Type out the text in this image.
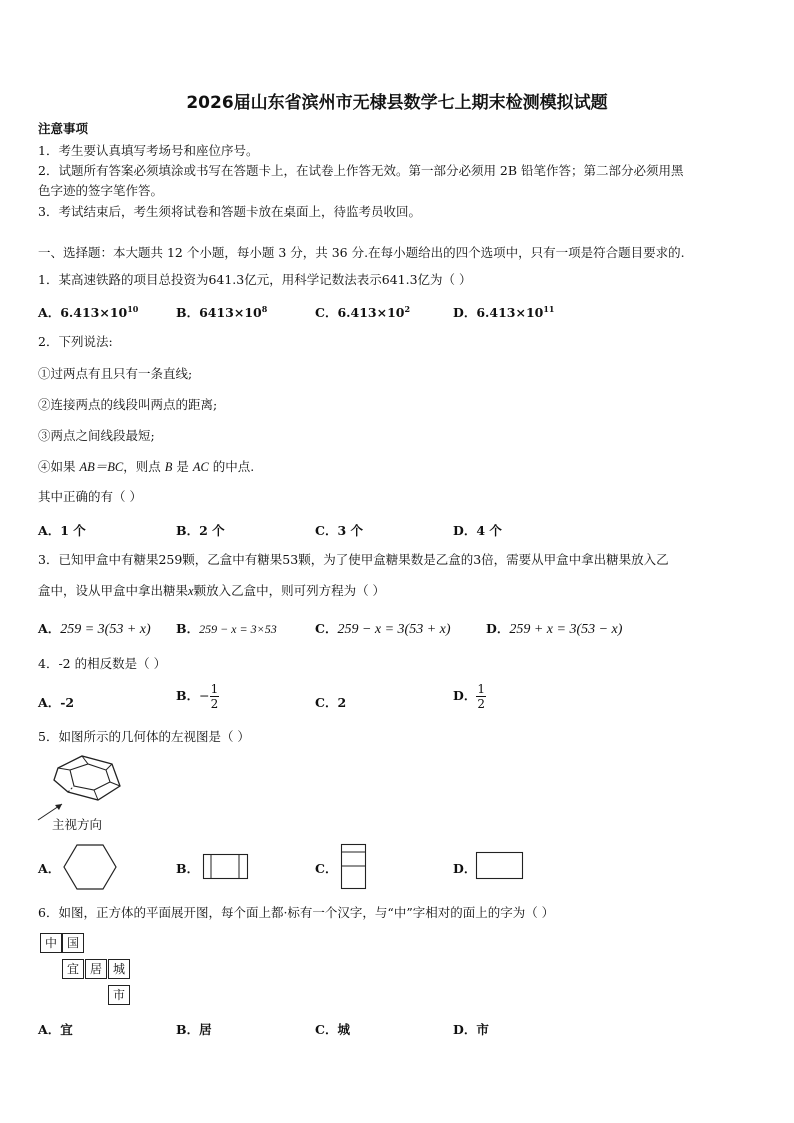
2026届山东省滨州市无棣县数学七上期末检测模拟试题
注意事项
1．考生要认真填写考场号和座位序号。
2．试题所有答案必须填涂或书写在答题卡上，在试卷上作答无效。第一部分必须用 2B 铅笔作答；第二部分必须用黑
色字迹的签字笔作答。
3．考试结束后，考生须将试卷和答题卡放在桌面上，待监考员收回。
一、选择题：本大题共 12 个小题，每小题 3 分，共 36 分.在每小题给出的四个选项中，只有一项是符合题目要求的.
1．某高速铁路的项目总投资为641.3亿元，用科学记数法表示641.3亿为（ ）
A．$6.413\times 10^{10}$	B．$6413\times 10^8$	C．$6.413\times 10^2$	D．$6.413\times 10^{11}$
2．下列说法:
①过两点有且只有一条直线;
②连接两点的线段叫两点的距离;
③两点之间线段最短;
④如果 AB＝BC，则点 B 是 AC 的中点.
其中正确的有（ ）
A．1 个	B．2 个	C．3 个	D．4 个
3．已知甲盒中有糖果259颗，乙盒中有糖果53颗，为了使甲盒糖果数是乙盒的3倍，需要从甲盒中拿出糖果放入乙
盒中，设从甲盒中拿出糖果x颗放入乙盒中，则可列方程为（ ）
A．259 = 3(53 + x) B．259 − x = 3×53	C．259 − x = 3(53 + x)	D．259 + x = 3(53 − x)
4．-2 的相反数是（ ）
A．-2	B．− $\frac{1}{2}$	C．2	D． $\frac{1}{2}$
5．如图所示的几何体的左视图是（ ）
主视方向
A．	B．	C．	D．
6．如图，正方体的平面展开图，每个面上都·标有一个汉字，与“中”字相对的面上的字为（ ）
中 国
宜 居 城
市
A．宜	B．居	C．城	D．市
